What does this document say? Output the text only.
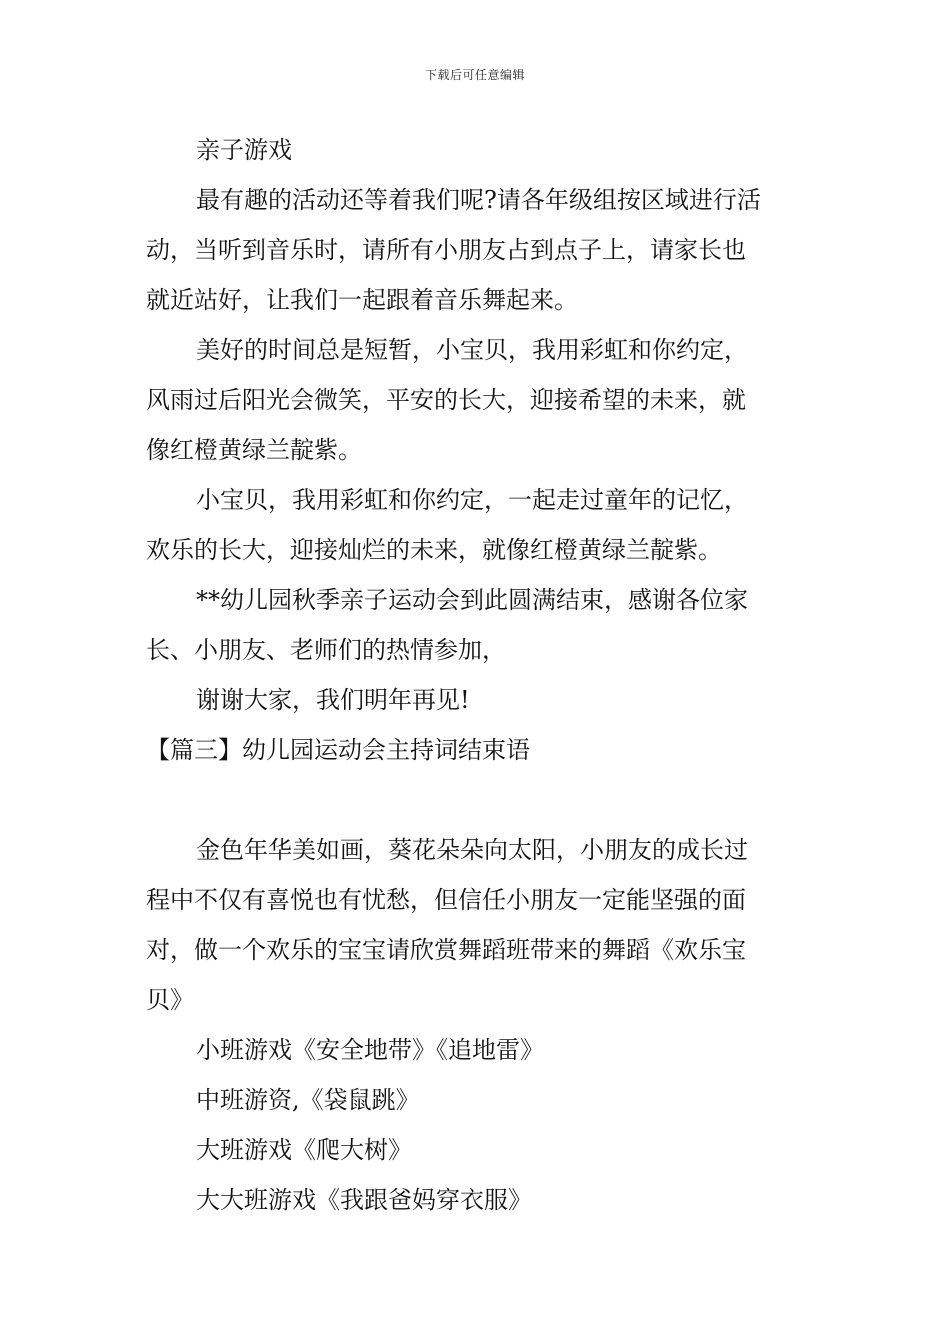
下载后可任意编辑
亲子游戏
最有趣的活动还等着我们呢?请各年级组按区域进行活
动，当听到音乐时，请所有小朋友占到点子上，请家长也
就近站好，让我们一起跟着音乐舞起来。
美好的时间总是短暂，小宝贝，我用彩虹和你约定，
风雨过后阳光会微笑，平安的长大，迎接希望的未来，就
像红橙黄绿兰靛紫。
小宝贝，我用彩虹和你约定，一起走过童年的记忆，
欢乐的长大，迎接灿烂的未来，就像红橙黄绿兰靛紫。
**幼儿园秋季亲子运动会到此圆满结束，感谢各位家
长、小朋友、老师们的热情参加，
谢谢大家，我们明年再见!
【篇三】幼儿园运动会主持词结束语
金色年华美如画，葵花朵朵向太阳，小朋友的成长过
程中不仅有喜悦也有忧愁，但信任小朋友一定能坚强的面
对，做一个欢乐的宝宝请欣赏舞蹈班带来的舞蹈《欢乐宝
贝》
小班游戏《安全地带》《追地雷》
中班游资,《袋鼠跳》
大班游戏《爬大树》
大大班游戏《我跟爸妈穿衣服》
